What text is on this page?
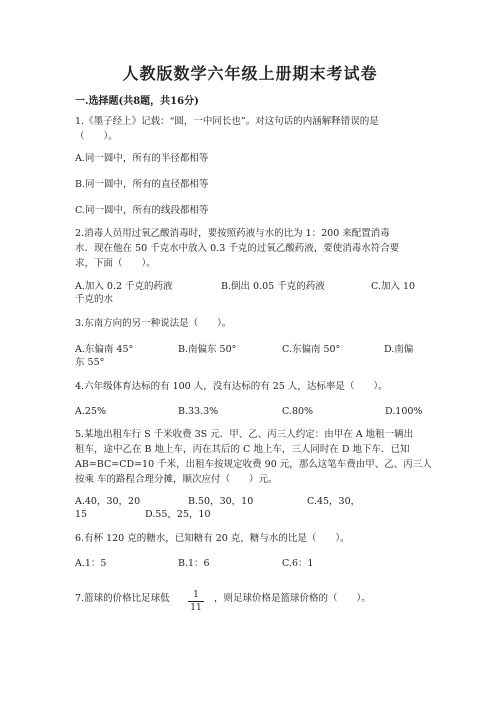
人教版数学六年级上册期末考试卷
一.选择题(共8题，共16分)
1.《墨子经上》记载：“圆，一中同长也”。对这句话的内涵解释错误的是
（　　）。
A.同一圆中，所有的半径都相等
B.同一圆中，所有的直径都相等
C.同一圆中，所有的线段都相等
2.消毒人员用过氧乙酸消毒时，要按照药液与水的比为 1：200 来配置消毒
水．现在他在 50 千克水中放入 0.3 千克的过氧乙酸药液，要使消毒水符合要
求，下面（　　）。
A.加入 0.2 千克的药液	B.倒出 0.05 千克的药液	C.加入 10
千克的水
3.东南方向的另一种说法是（　　）。
A.东偏南 45°	B.南偏东 50°	C.东偏南 50°	D.南偏
东 55°
4.六年级体育达标的有 100 人，没有达标的有 25 人，达标率是（　　）。
A.25%	B.33.3%	C.80%	D.100%
5.某地出租车行 S 千米收费 3S 元．甲、乙、丙三人约定：由甲在 A 地租一辆出
租车，途中乙在 B 地上车，丙在其后的 C 地上车，三人同时在 D 地下车．已知
AB=BC=CD=10 千米，出租车按规定收费 90 元，那么这笔车费由甲、乙、丙三人
按乘 车的路程合理分摊，顺次应付（　　）元。
A.40，30，20	B.50，30，10	C.45，30，
15	D.55，25，10
6.有杯 120 克的糖水，已知糖有 20 克，糖与水的比是（　　）。
A.1：5	B.1：6	C.6：1
7.篮球的价格比足球低	1
11
，则足球价格是篮球价格的（　　）。
